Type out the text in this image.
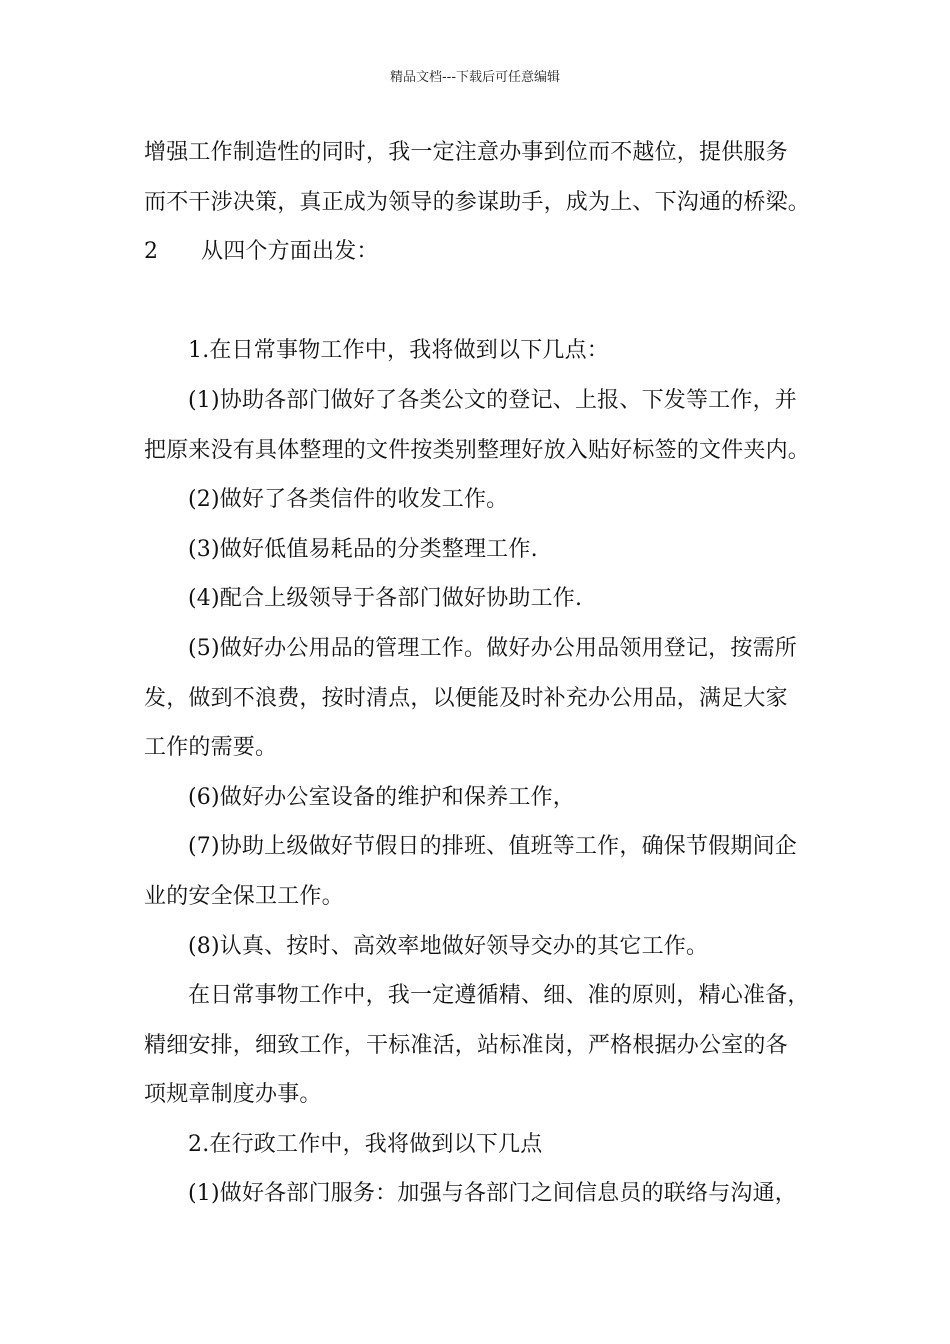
精品文档---下载后可任意编辑
增强工作制造性的同时，我一定注意办事到位而不越位，提供服务
而不干涉决策，真正成为领导的参谋助手，成为上、下沟通的桥梁。
2 从四个方面出发：
1.在日常事物工作中，我将做到以下几点：
(1)协助各部门做好了各类公文的登记、上报、下发等工作，并
把原来没有具体整理的文件按类别整理好放入贴好标签的文件夹内。
(2)做好了各类信件的收发工作。
(3)做好低值易耗品的分类整理工作.
(4)配合上级领导于各部门做好协助工作.
(5)做好办公用品的管理工作。做好办公用品领用登记，按需所
发，做到不浪费，按时清点，以便能及时补充办公用品，满足大家
工作的需要。
(6)做好办公室设备的维护和保养工作，
(7)协助上级做好节假日的排班、值班等工作，确保节假期间企
业的安全保卫工作。
(8)认真、按时、高效率地做好领导交办的其它工作。
在日常事物工作中，我一定遵循精、细、准的原则，精心准备，
精细安排，细致工作，干标准活，站标准岗，严格根据办公室的各
项规章制度办事。
2.在行政工作中，我将做到以下几点
(1)做好各部门服务：加强与各部门之间信息员的联络与沟通，
